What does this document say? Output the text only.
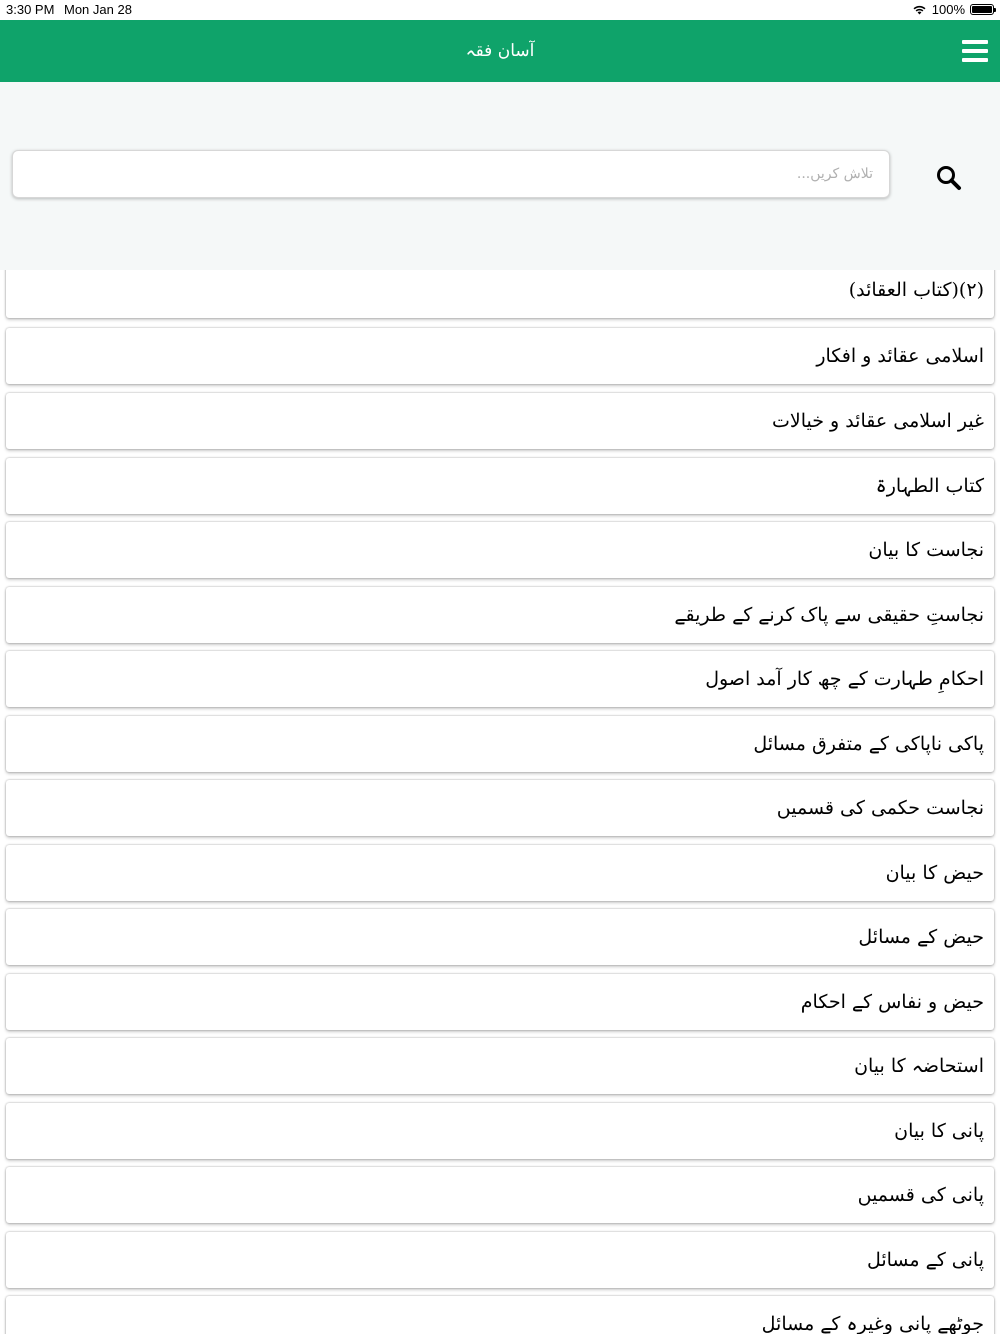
3:30 PM Mon Jan 28	100%
آسان فقہ
تلاش کریں...
(۲)(کتاب العقائد)
اسلامی عقائد و افکار
غیر اسلامی عقائد و خیالات
کتاب الطہارۃ
نجاست کا بیان
نجاستِ حقیقی سے پاک کرنے کے طریقے
احکامِ طہارت کے چھ کار آمد اصول
پاکی ناپاکی کے متفرق مسائل
نجاست حکمی کی قسمیں
حیض کا بیان
حیض کے مسائل
حیض و نفاس کے احکام
استحاضہ کا بیان
پانی کا بیان
پانی کی قسمیں
پانی کے مسائل
جوٹھے پانی وغیرہ کے مسائل
